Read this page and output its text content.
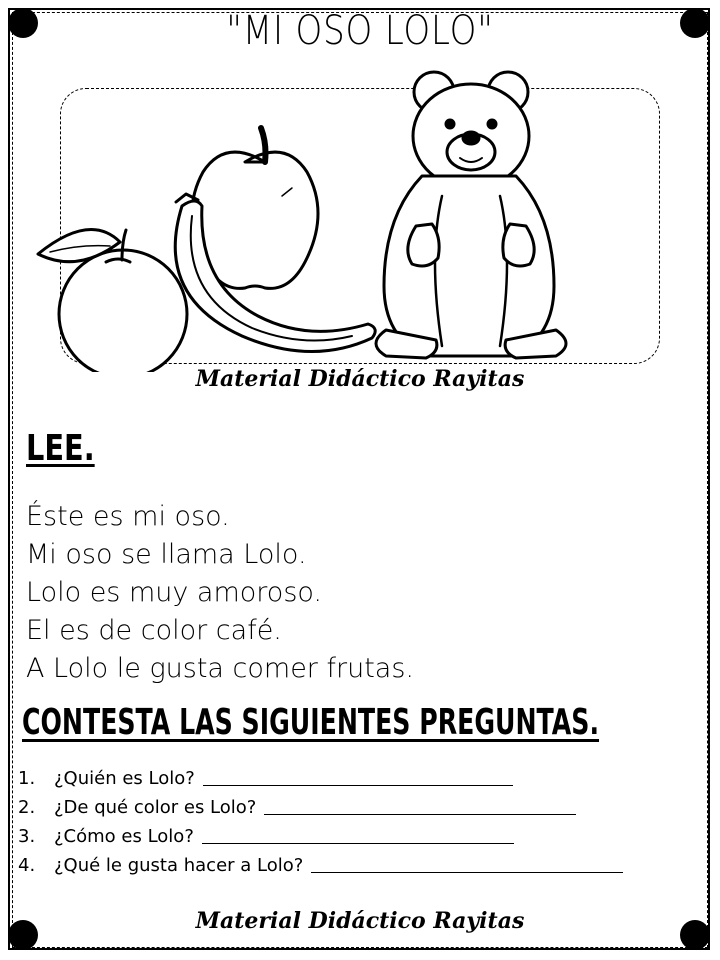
"MI OSO LOLO"
Material Didáctico Rayitas
LEE.
Éste es mi oso.
Mi oso se llama Lolo.
Lolo es muy amoroso.
El es de color café.
A Lolo le gusta comer frutas.
CONTESTA LAS SIGUIENTES PREGUNTAS.
1.	¿Quién es Lolo?
2.	¿De qué color es Lolo?
3.	¿Cómo es Lolo?
4.	¿Qué le gusta hacer a Lolo?
Material Didáctico Rayitas
